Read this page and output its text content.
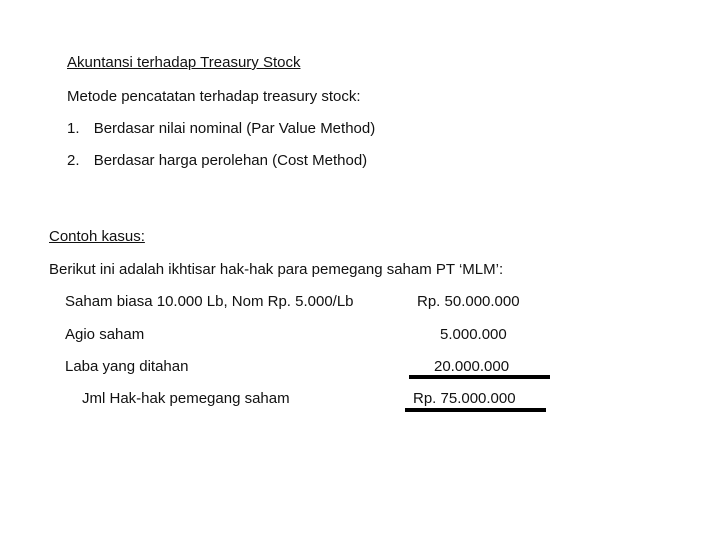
Akuntansi terhadap Treasury Stock
Metode pencatatan terhadap treasury stock:
1. Berdasar nilai nominal (Par Value Method)
2. Berdasar harga perolehan (Cost Method)
Contoh kasus:
Berikut ini adalah ikhtisar hak-hak para pemegang saham PT ‘MLM’:
Saham biasa 10.000 Lb, Nom Rp. 5.000/Lb	Rp. 50.000.000
Agio saham	5.000.000
Laba yang ditahan	20.000.000
Jml Hak-hak pemegang saham	Rp. 75.000.000
